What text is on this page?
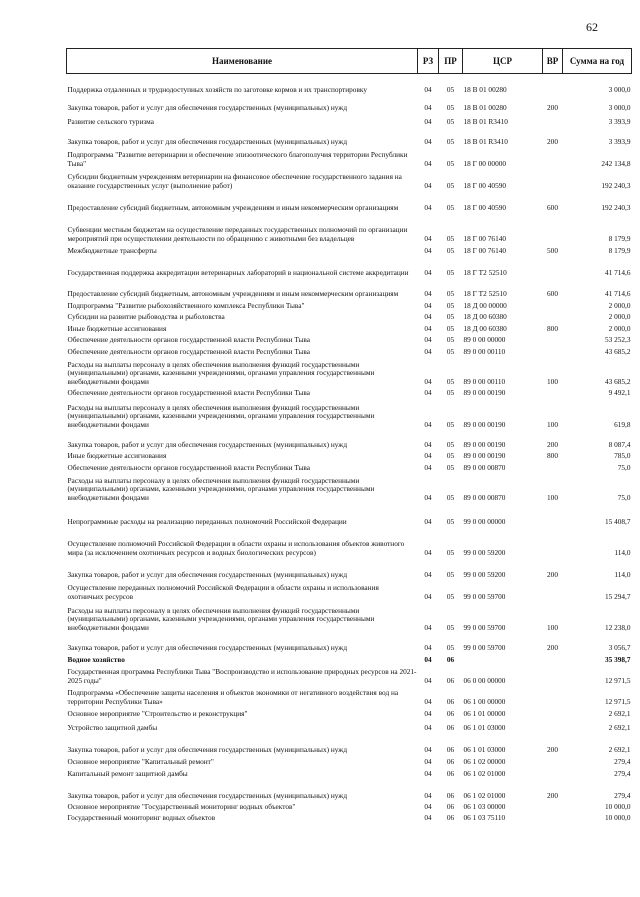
62
Наименование	РЗ	ПР	ЦСР	ВР	Сумма на год
Поддержка отдаленных и труднодоступных хозяйств по заготовке кормов и их транспортировку	04	05	18 В 01 00280		3 000,0
Закупка товаров, работ и услуг для обеспечения государственных (муниципальных) нужд	04	05	18 В 01 00280	200	3 000,0
Развитие сельского туризма	04	05	18 В 01 R3410		3 393,9
Закупка товаров, работ и услуг для обеспечения государственных (муниципальных) нужд	04	05	18 В 01 R3410	200	3 393,9
Подпрограмма "Развитие ветеринарии и обеспечение эпизоотического благополучия территории Республики Тыва"	04	05	18 Г 00 00000		242 134,8
Субсидии бюджетным учреждениям ветеринарии на финансовое обеспечение государственного задания на оказание государственных услуг (выполнение работ)	04	05	18 Г 00 40590		192 240,3
Предоставление субсидий бюджетным, автономным учреждениям и иным некоммерческим организациям	04	05	18 Г 00 40590	600	192 240,3
Субвенции местным бюджетам на осуществление переданных государственных полномочий по организации мероприятий при осуществлении деятельности по обращению с животными без владельцев	04	05	18 Г 00 76140		8 179,9
Межбюджетные трансферты	04	05	18 Г 00 76140	500	8 179,9
Государственная поддержка аккредитации ветеринарных лабораторий в национальной системе аккредитации	04	05	18 Г Т2 52510		41 714,6
Предоставление субсидий бюджетным, автономным учреждениям и иным некоммерческим организациям	04	05	18 Г Т2 52510	600	41 714,6
Подпрограмма "Развитие рыбохозяйственного комплекса Республики Тыва"	04	05	18 Д 00 00000		2 000,0
Субсидии на развитие рыбоводства и рыболовства	04	05	18 Д 00 60380		2 000,0
Иные бюджетные ассигнования	04	05	18 Д 00 60380	800	2 000,0
Обеспечение деятельности органов государственной власти Республики Тыва	04	05	89 0 00 00000		53 252,3
Обеспечение деятельности органов государственной власти Республики Тыва	04	05	89 0 00 00110		43 685,2
Расходы на выплаты персоналу в целях обеспечения выполнения функций государственными (муниципальными) органами, казенными учреждениями, органами управления государственными внебюджетными фондами	04	05	89 0 00 00110	100	43 685,2
Обеспечение деятельности органов государственной власти Республики Тыва	04	05	89 0 00 00190		9 492,1
Расходы на выплаты персоналу в целях обеспечения выполнения функций государственными (муниципальными) органами, казенными учреждениями, органами управления государственными внебюджетными фондами	04	05	89 0 00 00190	100	619,8
Закупка товаров, работ и услуг для обеспечения государственных (муниципальных) нужд	04	05	89 0 00 00190	200	8 087,4
Иные бюджетные ассигнования	04	05	89 0 00 00190	800	785,0
Обеспечение деятельности органов государственной власти Республики Тыва	04	05	89 0 00 00870		75,0
Расходы на выплаты персоналу в целях обеспечения выполнения функций государственными (муниципальными) органами, казенными учреждениями, органами управления государственными внебюджетными фондами	04	05	89 0 00 00870	100	75,0
Непрограммные расходы на реализацию переданных полномочий Российской Федерации	04	05	99 0 00 00000		15 408,7
Осуществление полномочий Российской Федерации в области охраны и использования объектов животного мира (за исключением охотничьих ресурсов и водных биологических ресурсов)	04	05	99 0 00 59200		114,0
Закупка товаров, работ и услуг для обеспечения государственных (муниципальных) нужд	04	05	99 0 00 59200	200	114,0
Осуществление переданных полномочий Российской Федерации в области охраны и использования охотничьих ресурсов	04	05	99 0 00 59700		15 294,7
Расходы на выплаты персоналу в целях обеспечения выполнения функций государственными (муниципальными) органами, казенными учреждениями, органами управления государственными внебюджетными фондами	04	05	99 0 00 59700	100	12 238,0
Закупка товаров, работ и услуг для обеспечения государственных (муниципальных) нужд	04	05	99 0 00 59700	200	3 056,7
Водное хозяйство	04	06			35 398,7
Государственная программа Республики Тыва "Воспроизводство и использование природных ресурсов на 2021-2025 годы"	04	06	06 0 00 00000		12 971,5
Подпрограмма «Обеспечение защиты населения и объектов экономики от негативного воздействия вод на территории Республики Тыва»	04	06	06 1 00 00000		12 971,5
Основное мероприятие "Строительство и реконструкция"	04	06	06 1 01 00000		2 692,1
Устройство защитной дамбы	04	06	06 1 01 03000		2 692,1
Закупка товаров, работ и услуг для обеспечения государственных (муниципальных) нужд	04	06	06 1 01 03000	200	2 692,1
Основное мероприятие "Капитальный ремонт"	04	06	06 1 02 00000		279,4
Капитальный ремонт защитной дамбы	04	06	06 1 02 01000		279,4
Закупка товаров, работ и услуг для обеспечения государственных (муниципальных) нужд	04	06	06 1 02 01000	200	279,4
Основное мероприятие "Государственный мониторинг водных объектов"	04	06	06 1 03 00000		10 000,0
Государственный мониторинг водных объектов	04	06	06 1 03 75110		10 000,0
